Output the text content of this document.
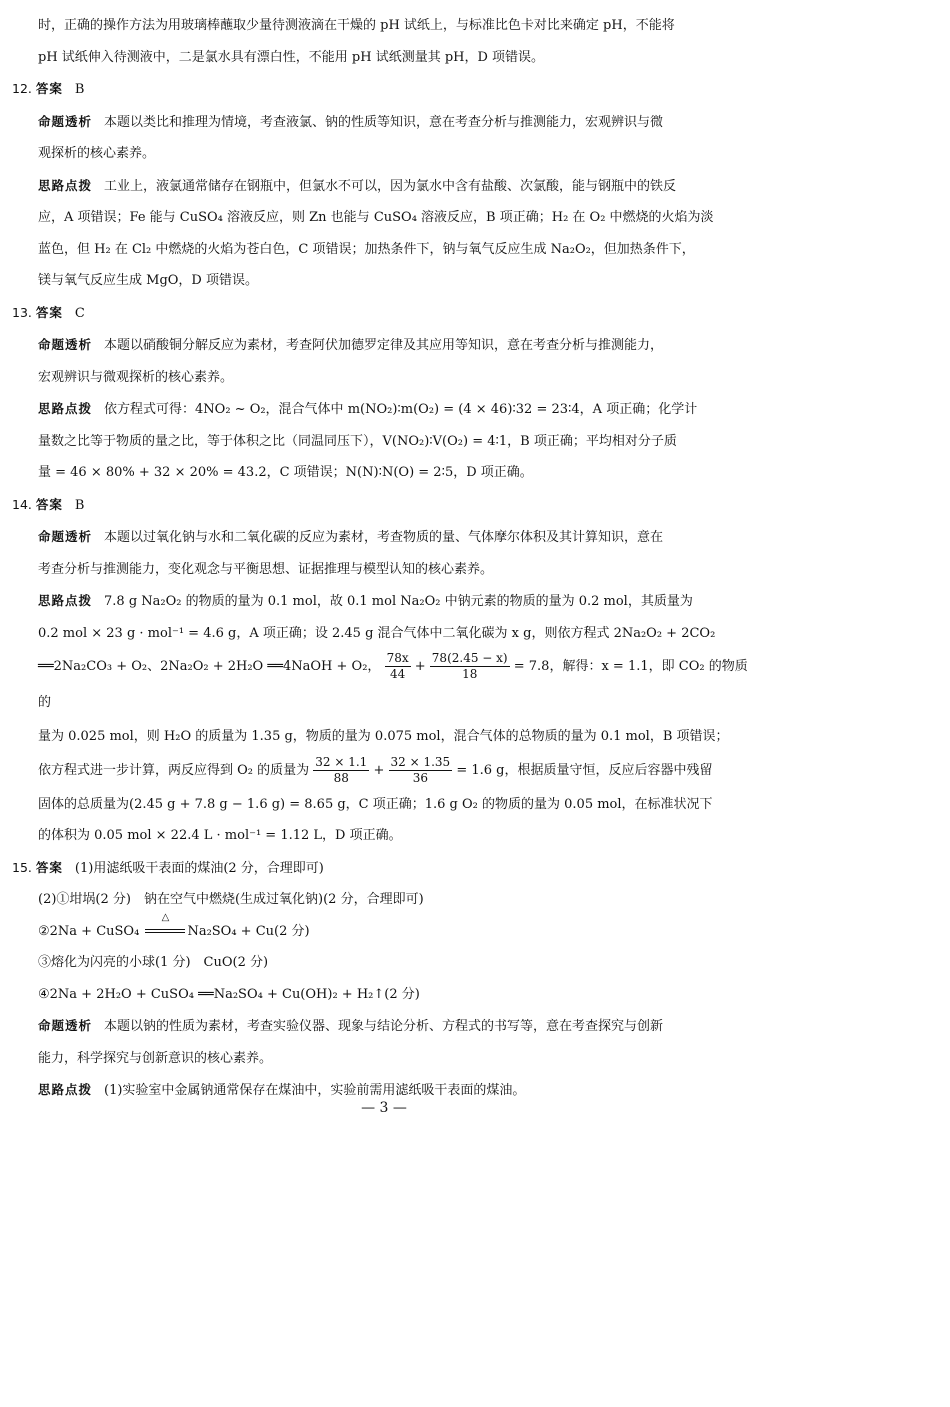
时，正确的操作方法为用玻璃棒蘸取少量待测液滴在干燥的 pH 试纸上，与标准比色卡对比来确定 pH，不能将

pH 试纸伸入待测液中，二是氯水具有漂白性，不能用 pH 试纸测量其 pH，D 项错误。

12. 答案 B

命题透析 本题以类比和推理为情境，考查液氯、钠的性质等知识，意在考查分析与推测能力，宏观辨识与微

观探析的核心素养。

思路点拨 工业上，液氯通常储存在钢瓶中，但氯水不可以，因为氯水中含有盐酸、次氯酸，能与钢瓶中的铁反

应，A 项错误；Fe 能与 CuSO₄ 溶液反应，则 Zn 也能与 CuSO₄ 溶液反应，B 项正确；H₂ 在 O₂ 中燃烧的火焰为淡

蓝色，但 H₂ 在 Cl₂ 中燃烧的火焰为苍白色，C 项错误；加热条件下，钠与氧气反应生成 Na₂O₂，但加热条件下，

镁与氧气反应生成 MgO，D 项错误。

13. 答案 C

命题透析 本题以硝酸铜分解反应为素材，考查阿伏加德罗定律及其应用等知识，意在考查分析与推测能力，

宏观辨识与微观探析的核心素养。

思路点拨 依方程式可得：4NO₂ ~ O₂，混合气体中 m(NO₂)∶m(O₂) = (4 × 46)∶32 = 23∶4，A 项正确；化学计

量数之比等于物质的量之比，等于体积之比（同温同压下），V(NO₂)∶V(O₂) = 4∶1，B 项正确；平均相对分子质

量 = 46 × 80% + 32 × 20% = 43.2，C 项错误；N(N)∶N(O) = 2∶5，D 项正确。

14. 答案 B

命题透析 本题以过氧化钠与水和二氧化碳的反应为素材，考查物质的量、气体摩尔体积及其计算知识，意在

考查分析与推测能力，变化观念与平衡思想、证据推理与模型认知的核心素养。

思路点拨 7.8 g Na₂O₂ 的物质的量为 0.1 mol，故 0.1 mol Na₂O₂ 中钠元素的物质的量为 0.2 mol，其质量为

0.2 mol × 23 g · mol⁻¹ = 4.6 g，A 项正确；设 2.45 g 混合气体中二氧化碳为 x g，则依方程式 2Na₂O₂ + 2CO₂

══2Na₂CO₃ + O₂、2Na₂O₂ + 2H₂O ══4NaOH + O₂， $\frac{78x}{44} + \frac{78(2.45 - x)}{18} = 7.8$，解得：x = 1.1，即 CO₂ 的物质的

量为 0.025 mol，则 H₂O 的质量为 1.35 g，物质的量为 0.075 mol，混合气体的总物质的量为 0.1 mol，B 项错误；

依方程式进一步计算，两反应得到 O₂ 的质量为 $\frac{32 \times 1.1}{88} + \frac{32 \times 1.35}{36} = 1.6$ g，根据质量守恒，反应后容器中残留

固体的总质量为(2.45 g + 7.8 g − 1.6 g) = 8.65 g，C 项正确；1.6 g O₂ 的物质的量为 0.05 mol，在标准状况下

的体积为 0.05 mol × 22.4 L · mol⁻¹ = 1.12 L，D 项正确。

15. 答案 (1)用滤纸吸干表面的煤油(2 分，合理即可)

(2)①坩埚(2 分)　钠在空气中燃烧(生成过氧化钠)(2 分，合理即可)

②2Na + CuSO₄
△
Na₂SO₄ + Cu(2 分)

③熔化为闪亮的小球(1 分)　CuO(2 分)

④2Na + 2H₂O + CuSO₄ ══Na₂SO₄ + Cu(OH)₂ + H₂↑(2 分)

命题透析 本题以钠的性质为素材，考查实验仪器、现象与结论分析、方程式的书写等，意在考查探究与创新

能力，科学探究与创新意识的核心素养。

思路点拨 (1)实验室中金属钠通常保存在煤油中，实验前需用滤纸吸干表面的煤油。

— 3 —
